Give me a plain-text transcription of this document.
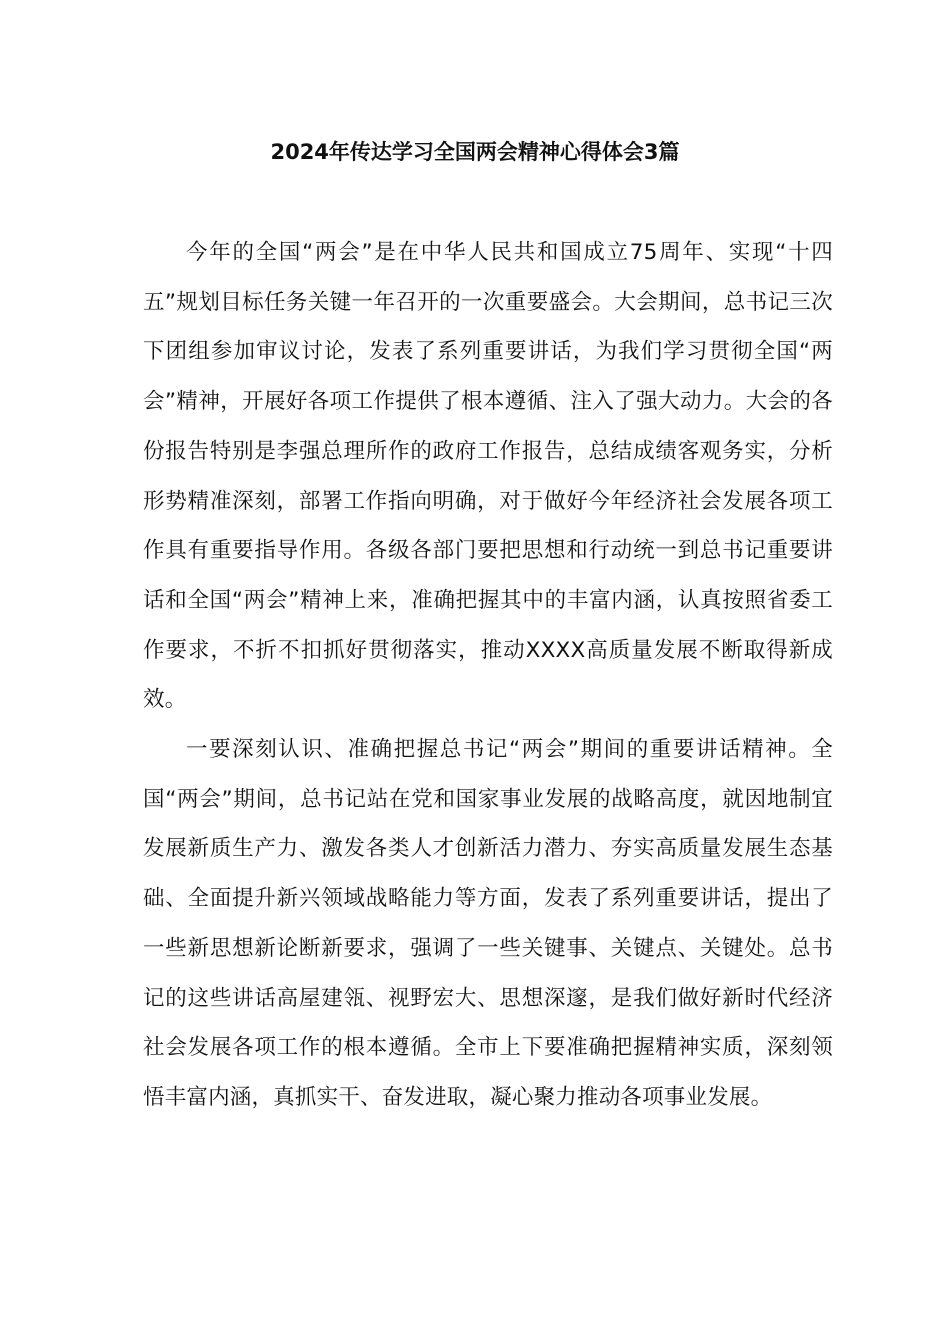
2024年传达学习全国两会精神心得体会3篇

今年的全国“两会”是在中华人民共和国成立75周年、实现“十四五”规划目标任务关键一年召开的一次重要盛会。大会期间，总书记三次下团组参加审议讨论，发表了系列重要讲话，为我们学习贯彻全国“两会”精神，开展好各项工作提供了根本遵循、注入了强大动力。大会的各份报告特别是李强总理所作的政府工作报告，总结成绩客观务实，分析形势精准深刻，部署工作指向明确，对于做好今年经济社会发展各项工作具有重要指导作用。各级各部门要把思想和行动统一到总书记重要讲话和全国“两会”精神上来，准确把握其中的丰富内涵，认真按照省委工作要求，不折不扣抓好贯彻落实，推动XXXX高质量发展不断取得新成效。

一要深刻认识、准确把握总书记“两会”期间的重要讲话精神。全国“两会”期间，总书记站在党和国家事业发展的战略高度，就因地制宜发展新质生产力、激发各类人才创新活力潜力、夯实高质量发展生态基础、全面提升新兴领域战略能力等方面，发表了系列重要讲话，提出了一些新思想新论断新要求，强调了一些关键事、关键点、关键处。总书记的这些讲话高屋建瓴、视野宏大、思想深邃，是我们做好新时代经济社会发展各项工作的根本遵循。全市上下要准确把握精神实质，深刻领悟丰富内涵，真抓实干、奋发进取，凝心聚力推动各项事业发展。
